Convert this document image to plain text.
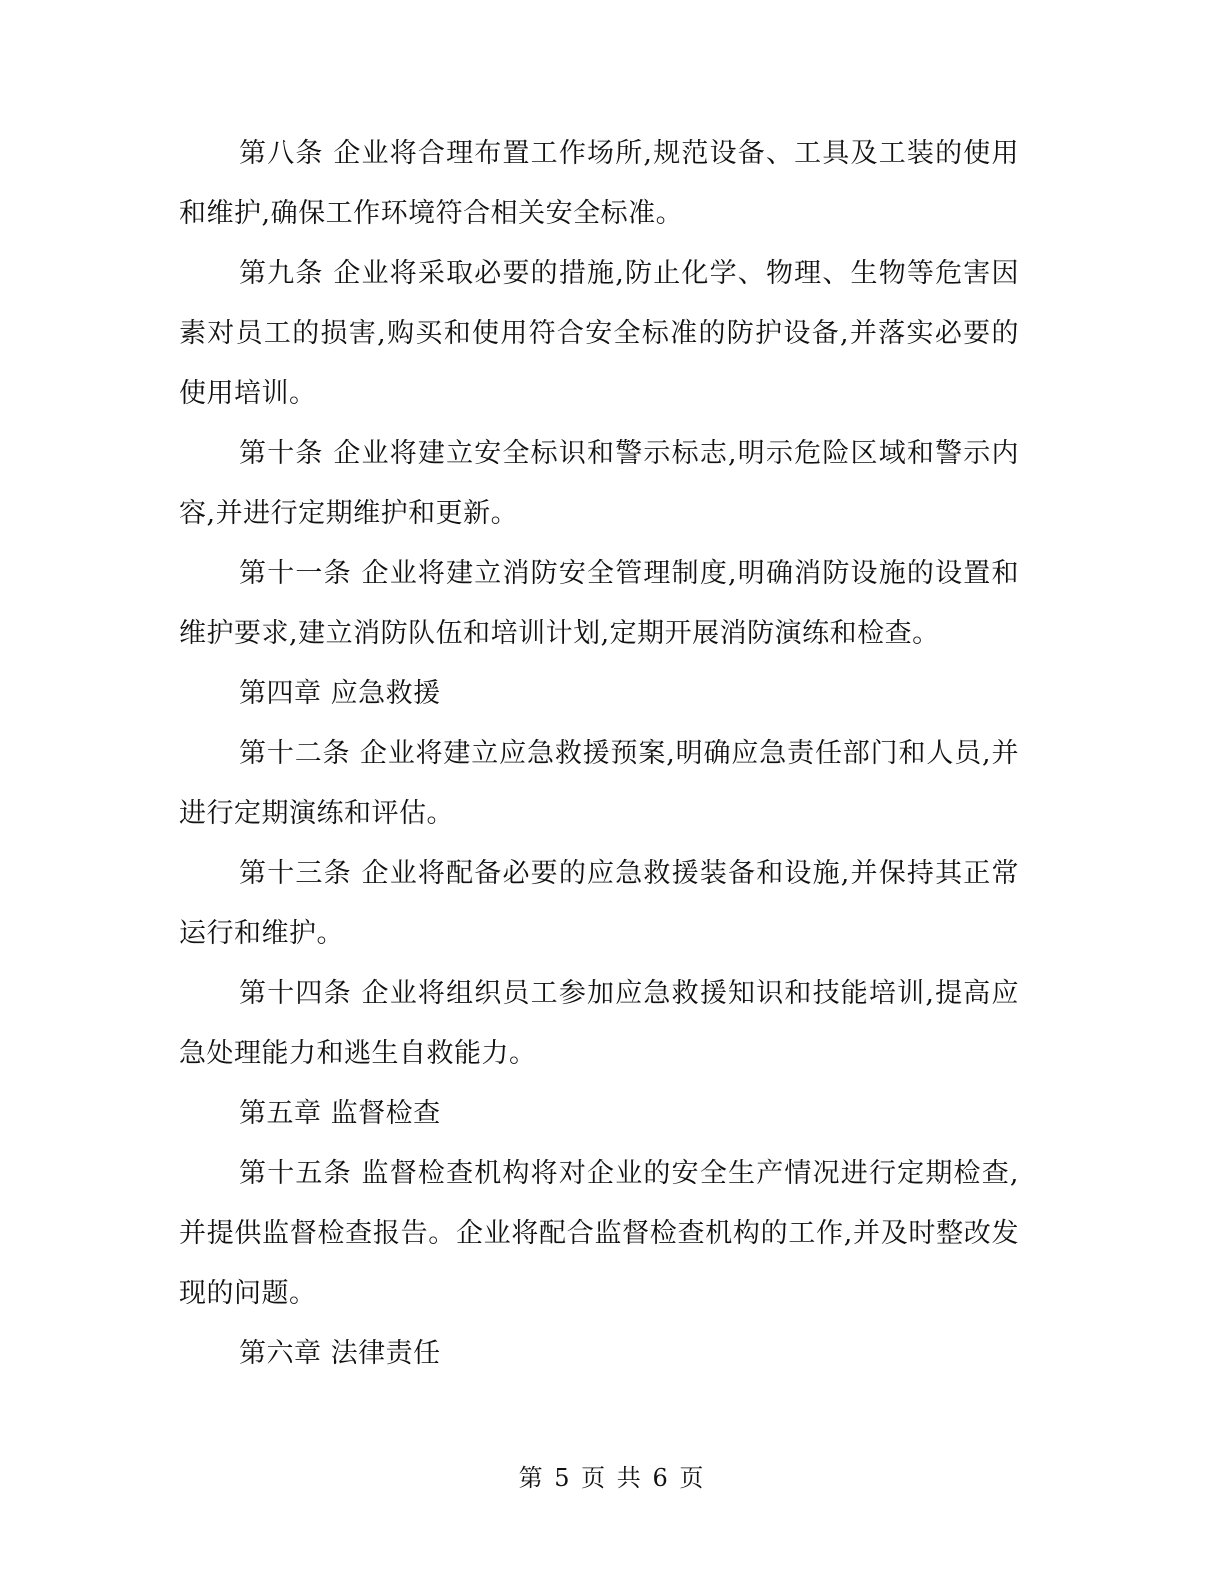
第八条 企业将合理布置工作场所,规范设备、工具及工装的使用和维护,确保工作环境符合相关安全标准。

第九条 企业将采取必要的措施,防止化学、物理、生物等危害因素对员工的损害,购买和使用符合安全标准的防护设备,并落实必要的使用培训。

第十条 企业将建立安全标识和警示标志,明示危险区域和警示内容,并进行定期维护和更新。

第十一条 企业将建立消防安全管理制度,明确消防设施的设置和维护要求,建立消防队伍和培训计划,定期开展消防演练和检查。

第四章 应急救援

第十二条 企业将建立应急救援预案,明确应急责任部门和人员,并进行定期演练和评估。

第十三条 企业将配备必要的应急救援装备和设施,并保持其正常运行和维护。

第十四条 企业将组织员工参加应急救援知识和技能培训,提高应急处理能力和逃生自救能力。

第五章 监督检查

第十五条 监督检查机构将对企业的安全生产情况进行定期检查,并提供监督检查报告。企业将配合监督检查机构的工作,并及时整改发现的问题。

第六章 法律责任

第 5 页 共 6 页
